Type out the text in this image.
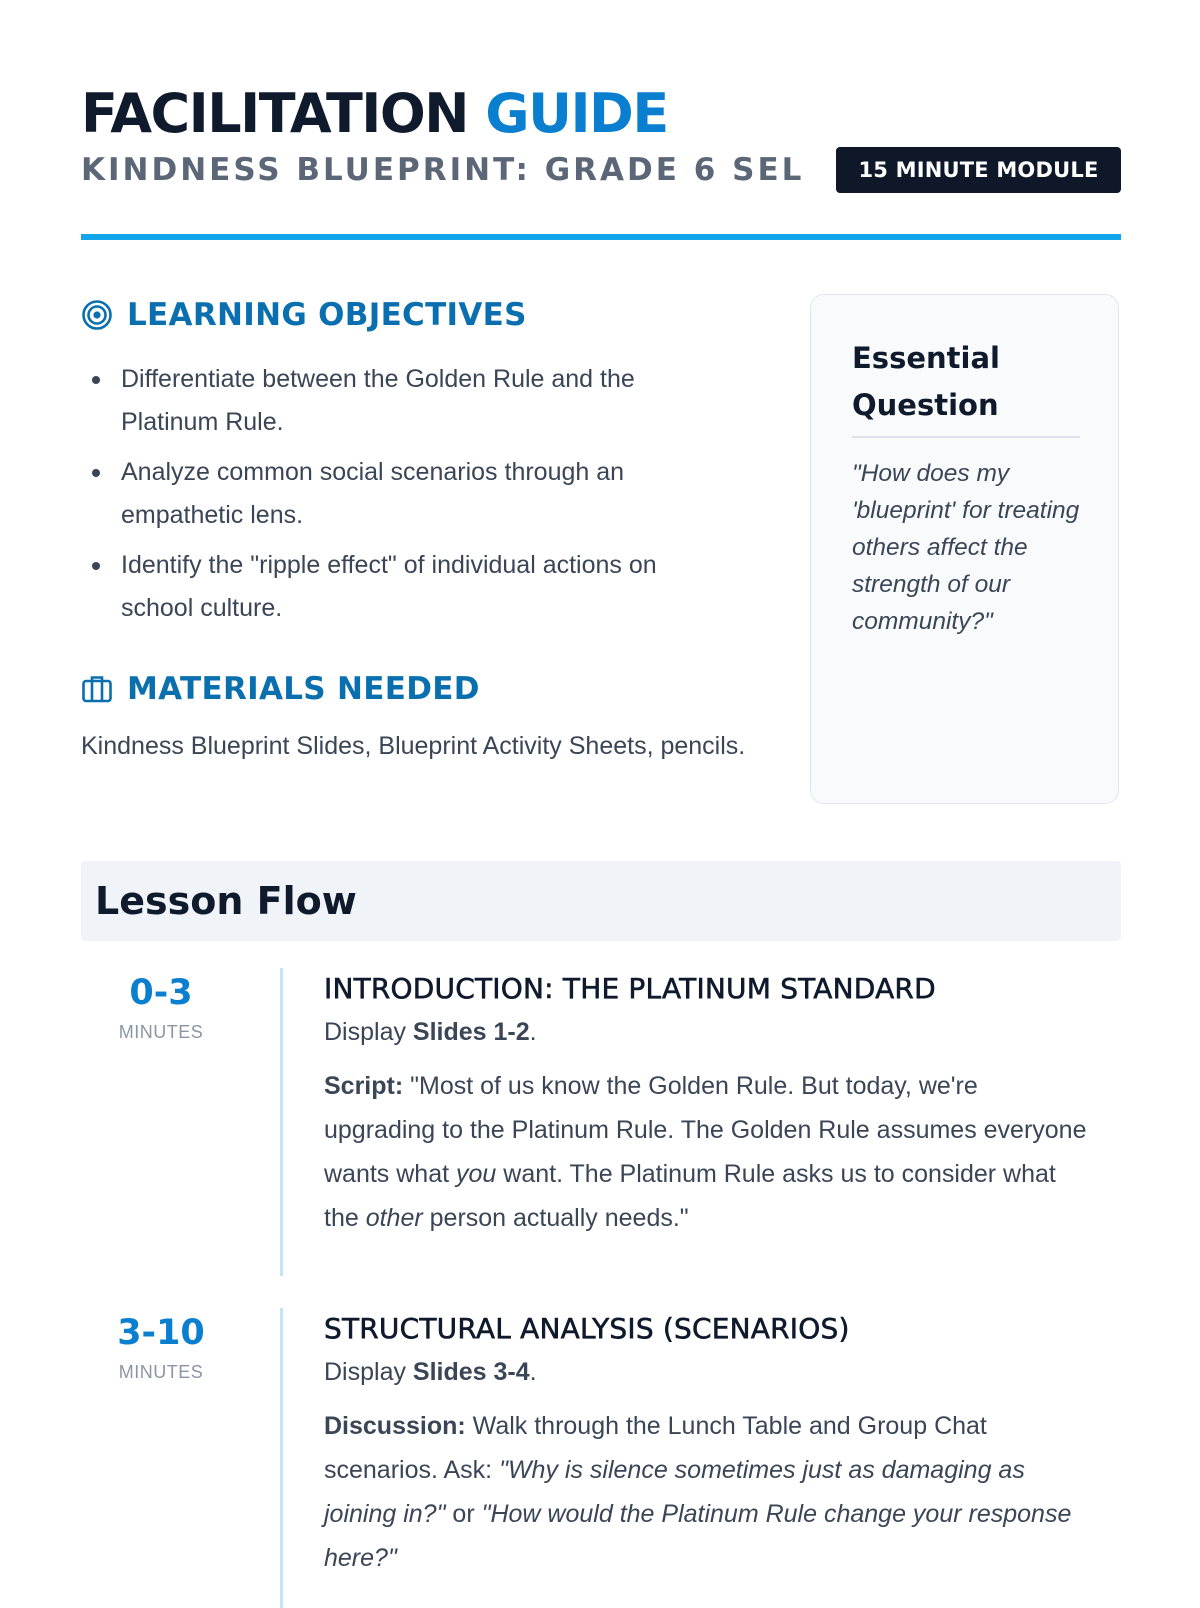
FACILITATION GUIDE
KINDNESS BLUEPRINT: GRADE 6 SEL	15 MINUTE MODULE
LEARNING OBJECTIVES
Differentiate between the Golden Rule and the Platinum Rule.
Analyze common social scenarios through an empathetic lens.
Identify the "ripple effect" of individual actions on school culture.
MATERIALS NEEDED
Kindness Blueprint Slides, Blueprint Activity Sheets, pencils.
Essential Question
"How does my 'blueprint' for treating others affect the strength of our community?"
Lesson Flow
0-3
MINUTES
INTRODUCTION: THE PLATINUM STANDARD
Display Slides 1-2.
Script: "Most of us know the Golden Rule. But today, we're upgrading to the Platinum Rule. The Golden Rule assumes everyone wants what you want. The Platinum Rule asks us to consider what the other person actually needs."
3-10
MINUTES
STRUCTURAL ANALYSIS (SCENARIOS)
Display Slides 3-4.
Discussion: Walk through the Lunch Table and Group Chat scenarios. Ask: "Why is silence sometimes just as damaging as joining in?" or "How would the Platinum Rule change your response here?"
